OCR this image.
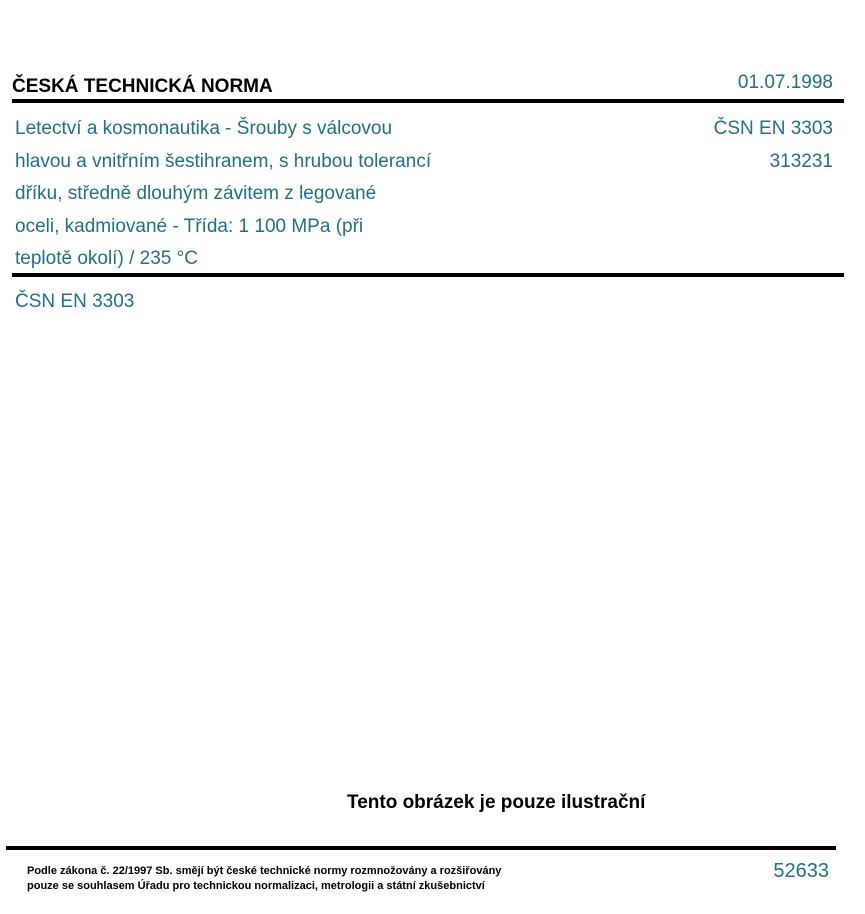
ČESKÁ TECHNICKÁ NORMA	01.07.1998
Letectví a kosmonautika - Šrouby s válcovou
hlavou a vnitřním šestihranem, s hrubou tolerancí
dříku, středně dlouhým závitem z legované
oceli, kadmiované - Třída: 1 100 MPa (při
teplotě okolí) / 235 °C
ČSN EN 3303
313231
ČSN EN 3303
Tento obrázek je pouze ilustrační
Podle zákona č. 22/1997 Sb. smějí být české technické normy rozmnožovány a rozšiřovány
pouze se souhlasem Úřadu pro technickou normalizaci, metrologii a státní zkušebnictví
52633
